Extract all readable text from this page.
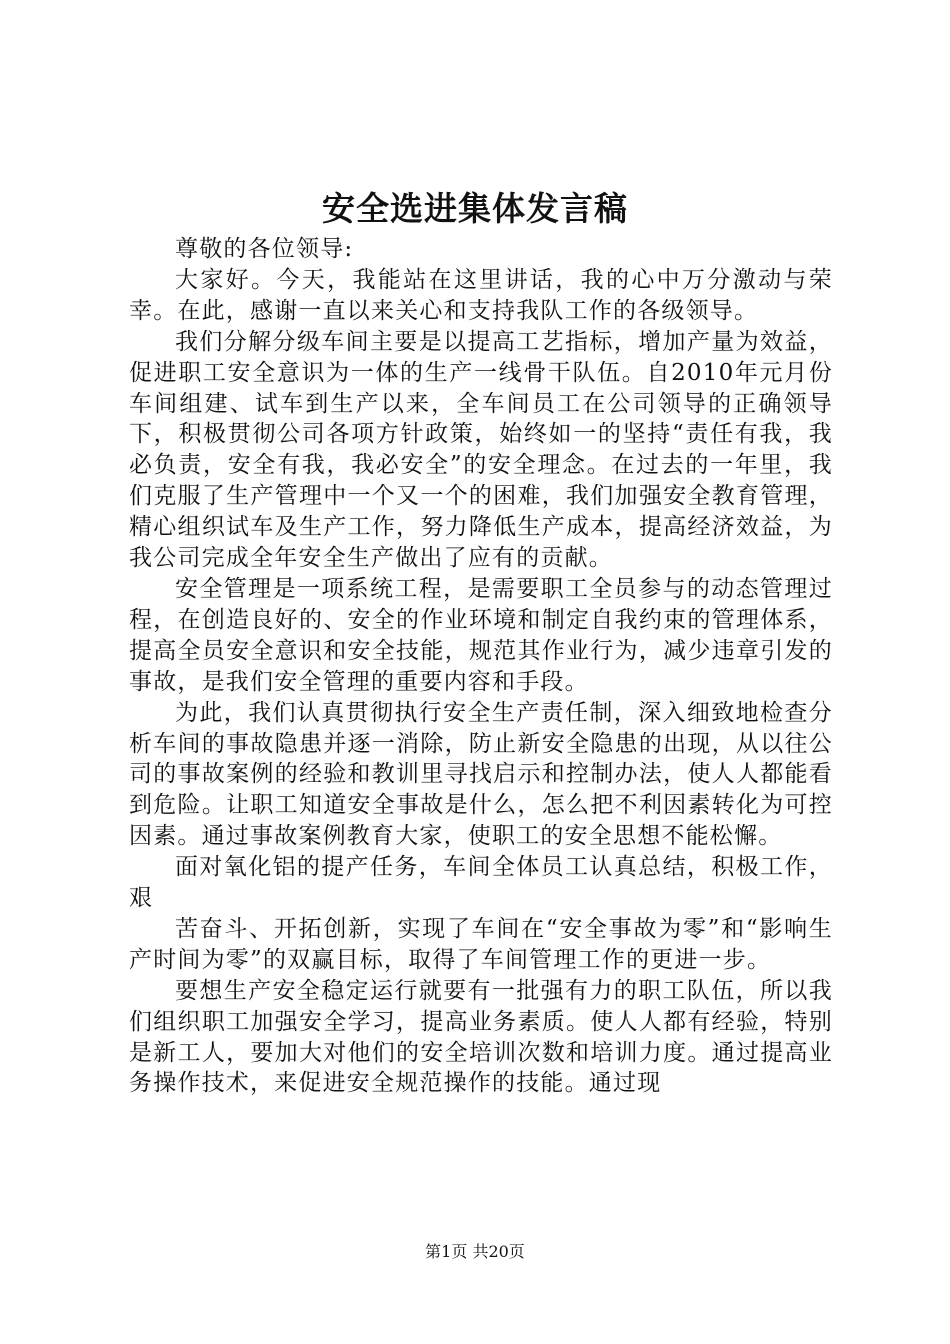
安全选进集体发言稿

尊敬的各位领导:

大家好。今天，我能站在这里讲话，我的心中万分激动与荣幸。在此，感谢一直以来关心和支持我队工作的各级领导。

我们分解分级车间主要是以提高工艺指标，增加产量为效益，促进职工安全意识为一体的生产一线骨干队伍。自2010年元月份车间组建、试车到生产以来，全车间员工在公司领导的正确领导下，积极贯彻公司各项方针政策，始终如一的坚持“责任有我，我必负责，安全有我，我必安全”的安全理念。在过去的一年里，我们克服了生产管理中一个又一个的困难，我们加强安全教育管理，精心组织试车及生产工作，努力降低生产成本，提高经济效益，为我公司完成全年安全生产做出了应有的贡献。

安全管理是一项系统工程，是需要职工全员参与的动态管理过程，在创造良好的、安全的作业环境和制定自我约束的管理体系，提高全员安全意识和安全技能，规范其作业行为，减少违章引发的事故，是我们安全管理的重要内容和手段。

为此，我们认真贯彻执行安全生产责任制，深入细致地检查分析车间的事故隐患并逐一消除，防止新安全隐患的出现，从以往公司的事故案例的经验和教训里寻找启示和控制办法，使人人都能看到危险。让职工知道安全事故是什么，怎么把不利因素转化为可控因素。通过事故案例教育大家，使职工的安全思想不能松懈。

面对氧化铝的提产任务，车间全体员工认真总结，积极工作，艰

苦奋斗、开拓创新，实现了车间在“安全事故为零”和“影响生产时间为零”的双赢目标，取得了车间管理工作的更进一步。

要想生产安全稳定运行就要有一批强有力的职工队伍，所以我们组织职工加强安全学习，提高业务素质。使人人都有经验，特别是新工人，要加大对他们的安全培训次数和培训力度。通过提高业务操作技术，来促进安全规范操作的技能。通过现

第1页 共20页
